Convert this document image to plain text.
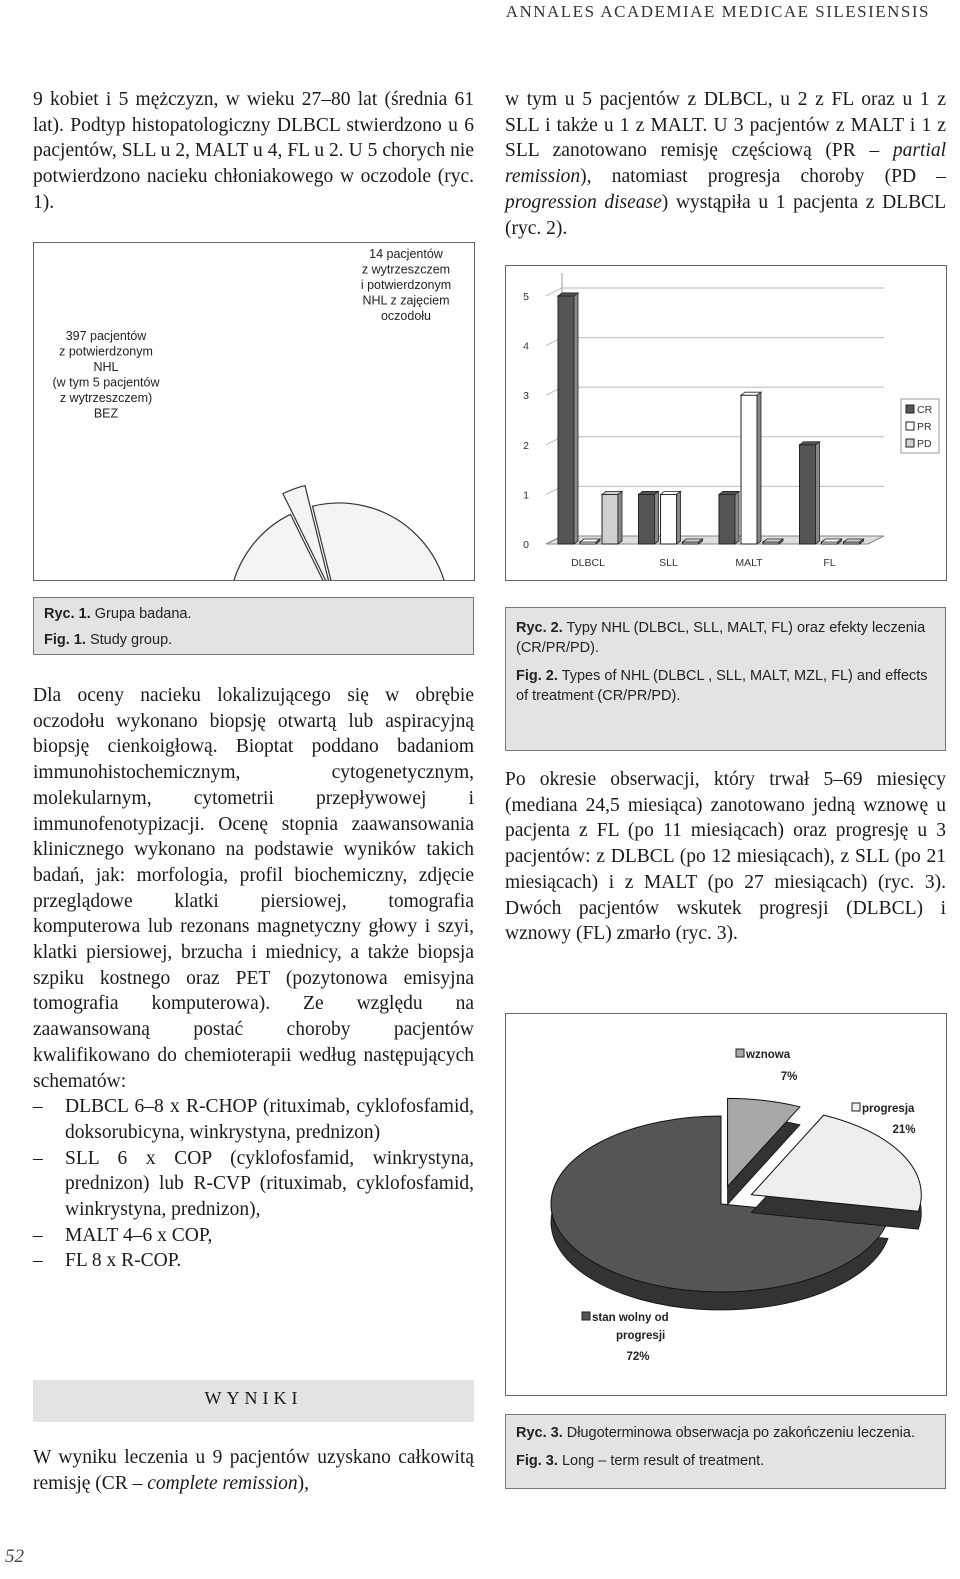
ANNALES ACADEMIAE MEDICAE SILESIENSIS

9 kobiet i 5 mężczyzn, w wieku 27–80 lat (średnia 61 lat). Podtyp histopatologiczny DLBCL stwierdzono u 6 pacjentów, SLL u 2, MALT u 4, FL u 2. U 5 chorych nie potwierdzono nacieku chłoniakowego w oczodole (ryc. 1).

397 pacjentów
z potwierdzonym
NHL
(w tym 5 pacjentów
z wytrzeszczem)
BEZ
14 pacjentów
z wytrzeszczem
i potwierdzonym
NHL z zajęciem
oczodołu

Ryc. 1. Grupa badana.

Fig. 1. Study group.

Dla oceny nacieku lokalizującego się w obrębie oczodołu wykonano biopsję otwartą lub aspiracyjną biopsję cienkoigłową. Bioptat poddano badaniom immunohistochemicznym, cytogenetycznym, molekularnym, cytometrii przepływowej i immunofenotypizacji. Ocenę stopnia zaawansowania klinicznego wykonano na podstawie wyników takich badań, jak: morfologia, profil biochemiczny, zdjęcie przeglądowe klatki piersiowej, tomografia komputerowa lub rezonans magnetyczny głowy i szyi, klatki piersiowej, brzucha i miednicy, a także biopsja szpiku kostnego oraz PET (pozytonowa emisyjna tomografia komputerowa). Ze względu na zaawansowaną postać choroby pacjentów kwalifikowano do chemioterapii według następujących schematów:

– DLBCL 6–8 x R-CHOP (rituximab, cyklofosfamid, doksorubicyna, winkrystyna, prednizon)
– SLL 6 x COP (cyklofosfamid, winkrystyna, prednizon) lub R-CVP (rituximab, cyklofosfamid, winkrystyna, prednizon),
– MALT 4–6 x COP,
– FL 8 x R-COP.
WYNIKI

W wyniku leczenia u 9 pacjentów uzyskano całkowitą remisję (CR – complete remission),

w tym u 5 pacjentów z DLBCL, u 2 z FL oraz u 1 z SLL i także u 1 z MALT. U 3 pacjentów z MALT i 1 z SLL zanotowano remisję częściową (PR – partial remission), natomiast progresja choroby (PD – progression disease) wystąpiła u 1 pacjenta z DLBCL (ryc. 2).

0
1
2
3
4
5
DLBCL	SLL	MALT	FL
CR
PR
PD

Ryc. 2. Typy NHL (DLBCL, SLL, MALT, FL) oraz efekty leczenia (CR/PR/PD).

Fig. 2. Types of NHL (DLBCL , SLL, MALT, MZL, FL) and effects of treatment (CR/PR/PD).

Po okresie obserwacji, który trwał 5–69 miesięcy (mediana 24,5 miesiąca) zanotowano jedną wznowę u pacjenta z FL (po 11 miesiącach) oraz progresję u 3 pacjentów: z DLBCL (po 12 miesiącach), z SLL (po 21 miesiącach) i z MALT (po 27 miesiącach) (ryc. 3). Dwóch pacjentów wskutek progresji (DLBCL) i wznowy (FL) zmarło (ryc. 3).

wznowa
7%
progresja
21%
stan wolny od
progresji
72%

Ryc. 3. Długoterminowa obserwacja po zakończeniu leczenia.

Fig. 3. Long – term result of treatment.

52
